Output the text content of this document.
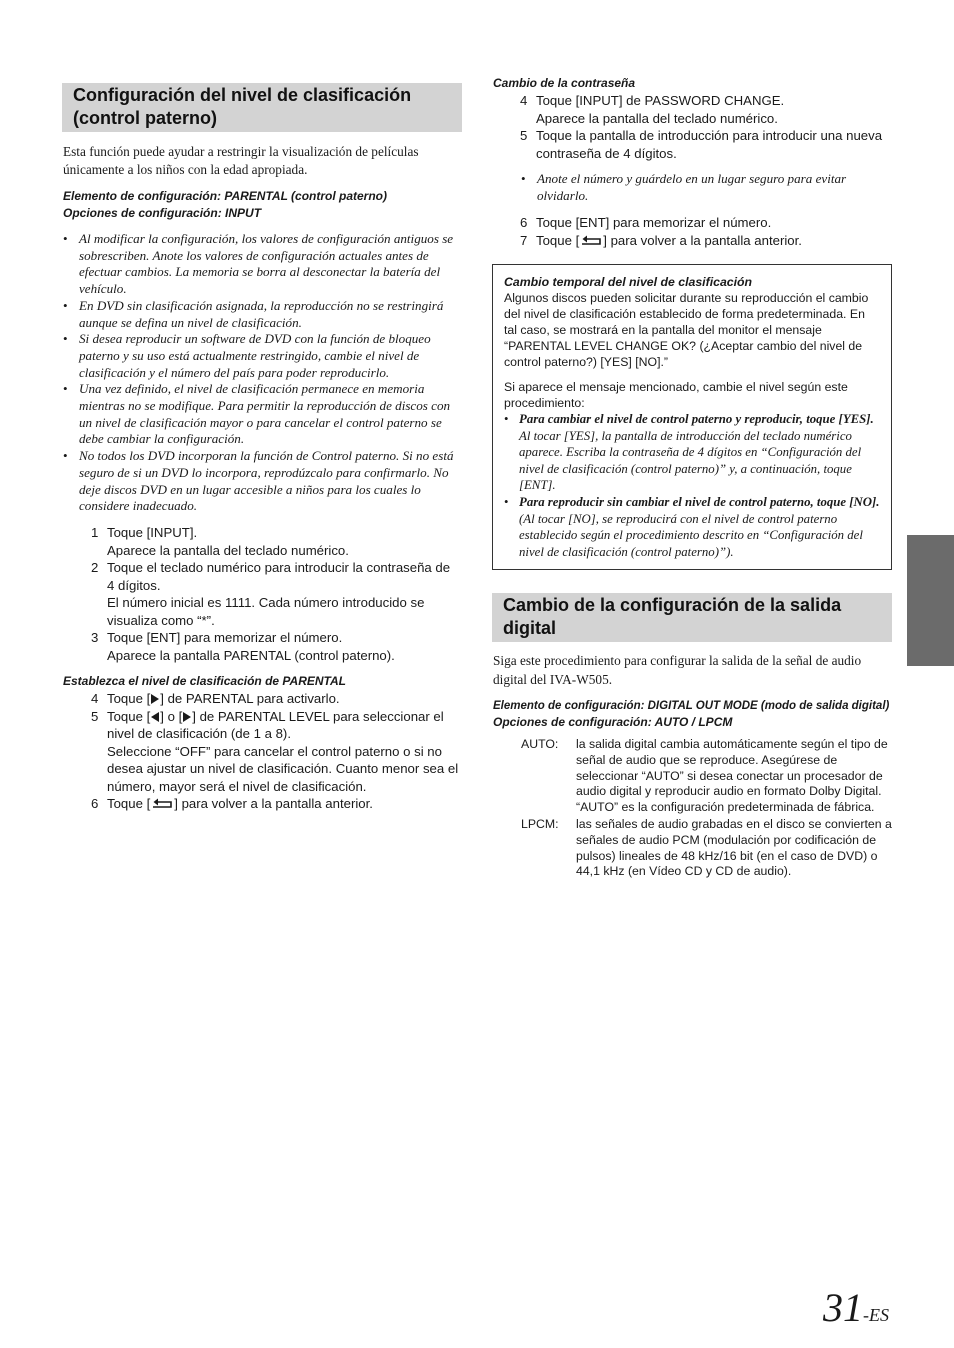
Configuración del nivel de clasificación (control paterno)
Esta función puede ayudar a restringir la visualización de películas únicamente a los niños con la edad apropiada.
Elemento de configuración: PARENTAL (control paterno)
Opciones de configuración: INPUT
• Al modificar la configuración, los valores de configuración antiguos se sobrescriben. Anote los valores de configuración actuales antes de efectuar cambios. La memoria se borra al desconectar la batería del vehículo.
• En DVD sin clasificación asignada, la reproducción no se restringirá aunque se defina un nivel de clasificación.
• Si desea reproducir un software de DVD con la función de bloqueo paterno y su uso está actualmente restringido, cambie el nivel de clasificación y el número del país para poder reproducirlo.
• Una vez definido, el nivel de clasificación permanece en memoria mientras no se modifique. Para permitir la reproducción de discos con un nivel de clasificación mayor o para cancelar el control paterno se debe cambiar la configuración.
• No todos los DVD incorporan la función de Control paterno. Si no está seguro de si un DVD lo incorpora, reprodúzcalo para confirmarlo. No deje discos DVD en un lugar accesible a niños para los cuales lo considere inadecuado.
1 Toque [INPUT].
Aparece la pantalla del teclado numérico.
2 Toque el teclado numérico para introducir la contraseña de 4 dígitos.
El número inicial es 1111. Cada número introducido se visualiza como “*”.
3 Toque [ENT] para memorizar el número.
Aparece la pantalla PARENTAL (control paterno).
Establezca el nivel de clasificación de PARENTAL
4 Toque [ ] de PARENTAL para activarlo.
5 Toque [ ] o [ ] de PARENTAL LEVEL para seleccionar el nivel de clasificación (de 1 a 8).
Seleccione “OFF” para cancelar el control paterno o si no desea ajustar un nivel de clasificación. Cuanto menor sea el número, mayor será el nivel de clasificación.
6 Toque [ ] para volver a la pantalla anterior.
Cambio de la contraseña
4 Toque [INPUT] de PASSWORD CHANGE.
Aparece la pantalla del teclado numérico.
5 Toque la pantalla de introducción para introducir una nueva contraseña de 4 dígitos.
• Anote el número y guárdelo en un lugar seguro para evitar olvidarlo.
6 Toque [ENT] para memorizar el número.
7 Toque [ ] para volver a la pantalla anterior.

Cambio temporal del nivel de clasificación

Algunos discos pueden solicitar durante su reproducción el cambio del nivel de clasificación establecido de forma predeterminada. En tal caso, se mostrará en la pantalla del monitor el mensaje “PARENTAL LEVEL CHANGE OK? (¿Aceptar cambio del nivel de control paterno?) [YES] [NO].”

Si aparece el mensaje mencionado, cambie el nivel según este procedimiento:

• Para cambiar el nivel de control paterno y reproducir, toque [YES]. Al tocar [YES], la pantalla de introducción del teclado numérico aparece. Escriba la contraseña de 4 dígitos en “Configuración del nivel de clasificación (control paterno)” y, a continuación, toque [ENT].
• Para reproducir sin cambiar el nivel de control paterno, toque [NO]. (Al tocar [NO], se reproducirá con el nivel de control paterno establecido según el procedimiento descrito en “Configuración del nivel de clasificación (control paterno)”).
Cambio de la configuración de la salida digital
Siga este procedimiento para configurar la salida de la señal de audio digital del IVA-W505.
Elemento de configuración: DIGITAL OUT MODE (modo de salida digital)
Opciones de configuración: AUTO / LPCM
AUTO: la salida digital cambia automáticamente según el tipo de señal de audio que se reproduce. Asegúrese de seleccionar “AUTO” si desea conectar un procesador de audio digital y reproducir audio en formato Dolby Digital. “AUTO” es la configuración predeterminada de fábrica.
LPCM: las señales de audio grabadas en el disco se convierten a señales de audio PCM (modulación por codificación de pulsos) lineales de 48 kHz/16 bit (en el caso de DVD) o 44,1 kHz (en Vídeo CD y CD de audio).
31-ES
